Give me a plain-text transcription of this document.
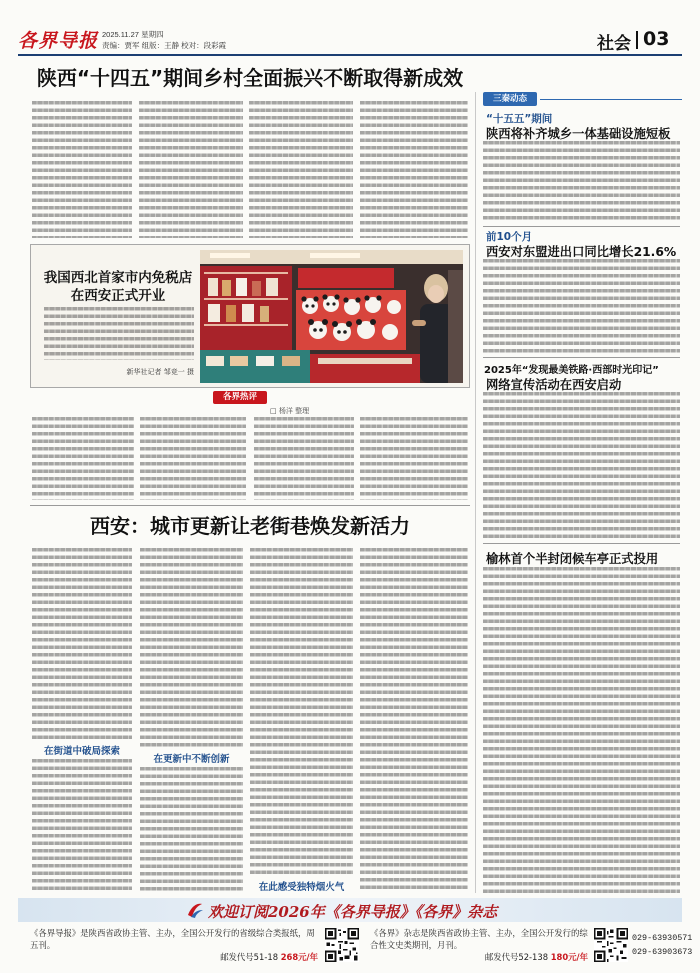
各界导报 2025.11.27 星期四
责编：贾军 组版：王静 校对：段彩霞	社会 03
陕西“十四五”期间乡村全面振兴不断取得新成效
我国西北首家市内免税店
在西安正式开业
新华社记者 邹竞一 摄
各界热评
□ 杨洋 整理
西安：城市更新让老街巷焕发新活力
在街道中破局探索
在更新中不断创新
在此感受独特烟火气
三秦动态
“十五五”期间
陕西将补齐城乡一体基础设施短板
前10个月
西安对东盟进出口同比增长21.6%
2025年“发现最美铁路·西部时光印记”
网络宣传活动在西安启动
榆林首个半封闭候车亭正式投用
欢迎订阅2026年《各界导报》《各界》杂志
《各界导报》是陕西省政协主管、主办，全国公开发行的省级综合类报纸，周五刊。
邮发代号51-18 268元/年
《各界》杂志是陕西省政协主管、主办，全国公开发行的综合性文史类期刊，月刊。
邮发代号52-138 180元/年
029-63930571
029-63903673
